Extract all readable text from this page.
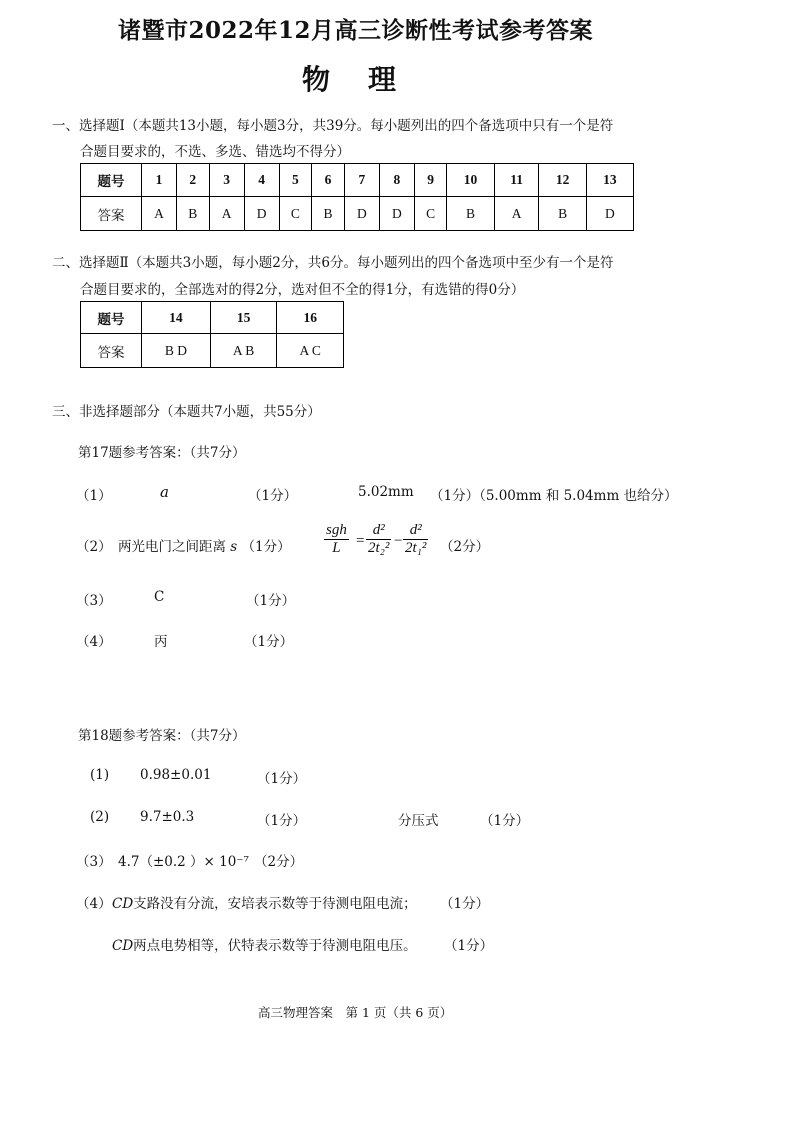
诸暨市2022年12月高三诊断性考试参考答案
物理
一、选择题Ⅰ（本题共13小题，每小题3分，共39分。每小题列出的四个备选项中只有一个是符
合题目要求的，不选、多选、错选均不得分）
题号	1	2	3	4	5	6	7	8	9	10	11	12	13
答案	A	B	A	D	C	B	D	D	C	B	A	B	D
二、选择题Ⅱ（本题共3小题，每小题2分，共6分。每小题列出的四个备选项中至少有一个是符
合题目要求的，全部选对的得2分，选对但不全的得1分，有选错的得0分）
题号	14	15	16
答案	B D	A B	A C
三、非选择题部分（本题共7小题，共55分）
第17题参考答案：（共7分）
（1）	a	（1分）	5.02mm （1分）（5.00mm 和 5.04mm 也给分）
（2） 两光电门之间距离 s （1分）
sgh
L	= $\frac{\text{d²}}{\text{2t₂²}} - \frac{\text{d²}}{\text{2t₁²}} (2$分）
（3）	C	（1分）
（4）	丙	（1分）
第18题参考答案：（共7分）
(1) 0.98±0.01	（1分）
(2) 9.7±0.3	（1分）	分压式	（1分）
（3） 4.7（±0.2 ）× 10⁻⁷ （2分）
（4） CD支路没有分流，安培表示数等于待测电阻电流； （1分）
CD两点电势相等，伏特表示数等于待测电阻电压。 （1分）
高三物理答案　第 1 页（共 6 页）
